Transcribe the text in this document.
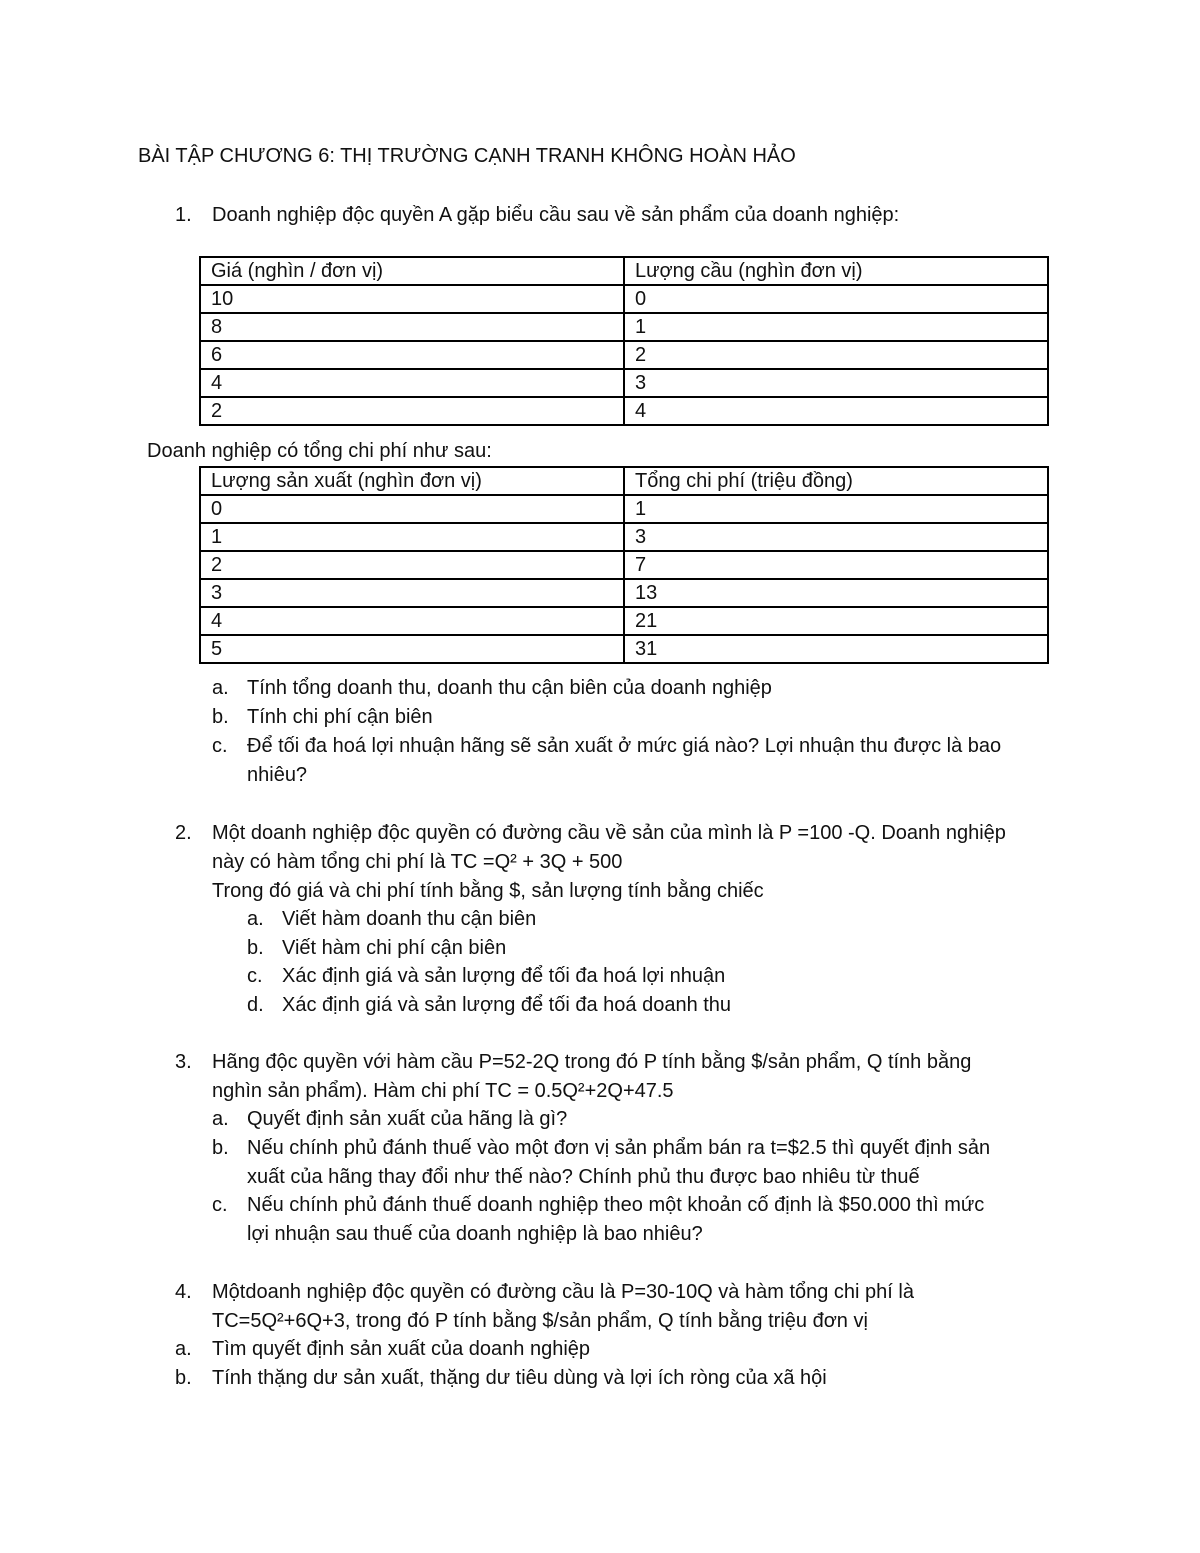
BÀI TẬP CHƯƠNG 6: THỊ TRƯỜNG CẠNH TRANH KHÔNG HOÀN HẢO
1. Doanh nghiệp độc quyền A gặp biểu cầu sau về sản phẩm của doanh nghiệp:
Giá (nghìn / đơn vị)	Lượng cầu (nghìn đơn vị)
10	0
8	1
6	2
4	3
2	4
Doanh nghiệp có tổng chi phí như sau:
Lượng sản xuất (nghìn đơn vị)	Tổng chi phí (triệu đồng)
0	1
1	3
2	7
3	13
4	21
5	31
a. Tính tổng doanh thu, doanh thu cận biên của doanh nghiệp
b. Tính chi phí cận biên
c. Để tối đa hoá lợi nhuận hãng sẽ sản xuất ở mức giá nào? Lợi nhuận thu được là bao
nhiêu?
2. Một doanh nghiệp độc quyền có đường cầu về sản của mình là P =100 -Q. Doanh nghiệp
này có hàm tổng chi phí là TC =Q² + 3Q + 500
Trong đó giá và chi phí tính bằng $, sản lượng tính bằng chiếc
a. Viết hàm doanh thu cận biên
b. Viết hàm chi phí cận biên
c. Xác định giá và sản lượng để tối đa hoá lợi nhuận
d. Xác định giá và sản lượng để tối đa hoá doanh thu
3. Hãng độc quyền với hàm cầu P=52-2Q trong đó P tính bằng $/sản phẩm, Q tính bằng
nghìn sản phẩm). Hàm chi phí TC = 0.5Q²+2Q+47.5
a. Quyết định sản xuất của hãng là gì?
b. Nếu chính phủ đánh thuế vào một đơn vị sản phẩm bán ra t=$2.5 thì quyết định sản
xuất của hãng thay đổi như thế nào? Chính phủ thu được bao nhiêu từ thuế
c. Nếu chính phủ đánh thuế doanh nghiệp theo một khoản cố định là $50.000 thì mức
lợi nhuận sau thuế của doanh nghiệp là bao nhiêu?
4. Mộtdoanh nghiệp độc quyền có đường cầu là P=30-10Q và hàm tổng chi phí là
TC=5Q²+6Q+3, trong đó P tính bằng $/sản phẩm, Q tính bằng triệu đơn vị
a. Tìm quyết định sản xuất của doanh nghiệp
b. Tính thặng dư sản xuất, thặng dư tiêu dùng và lợi ích ròng của xã hội
